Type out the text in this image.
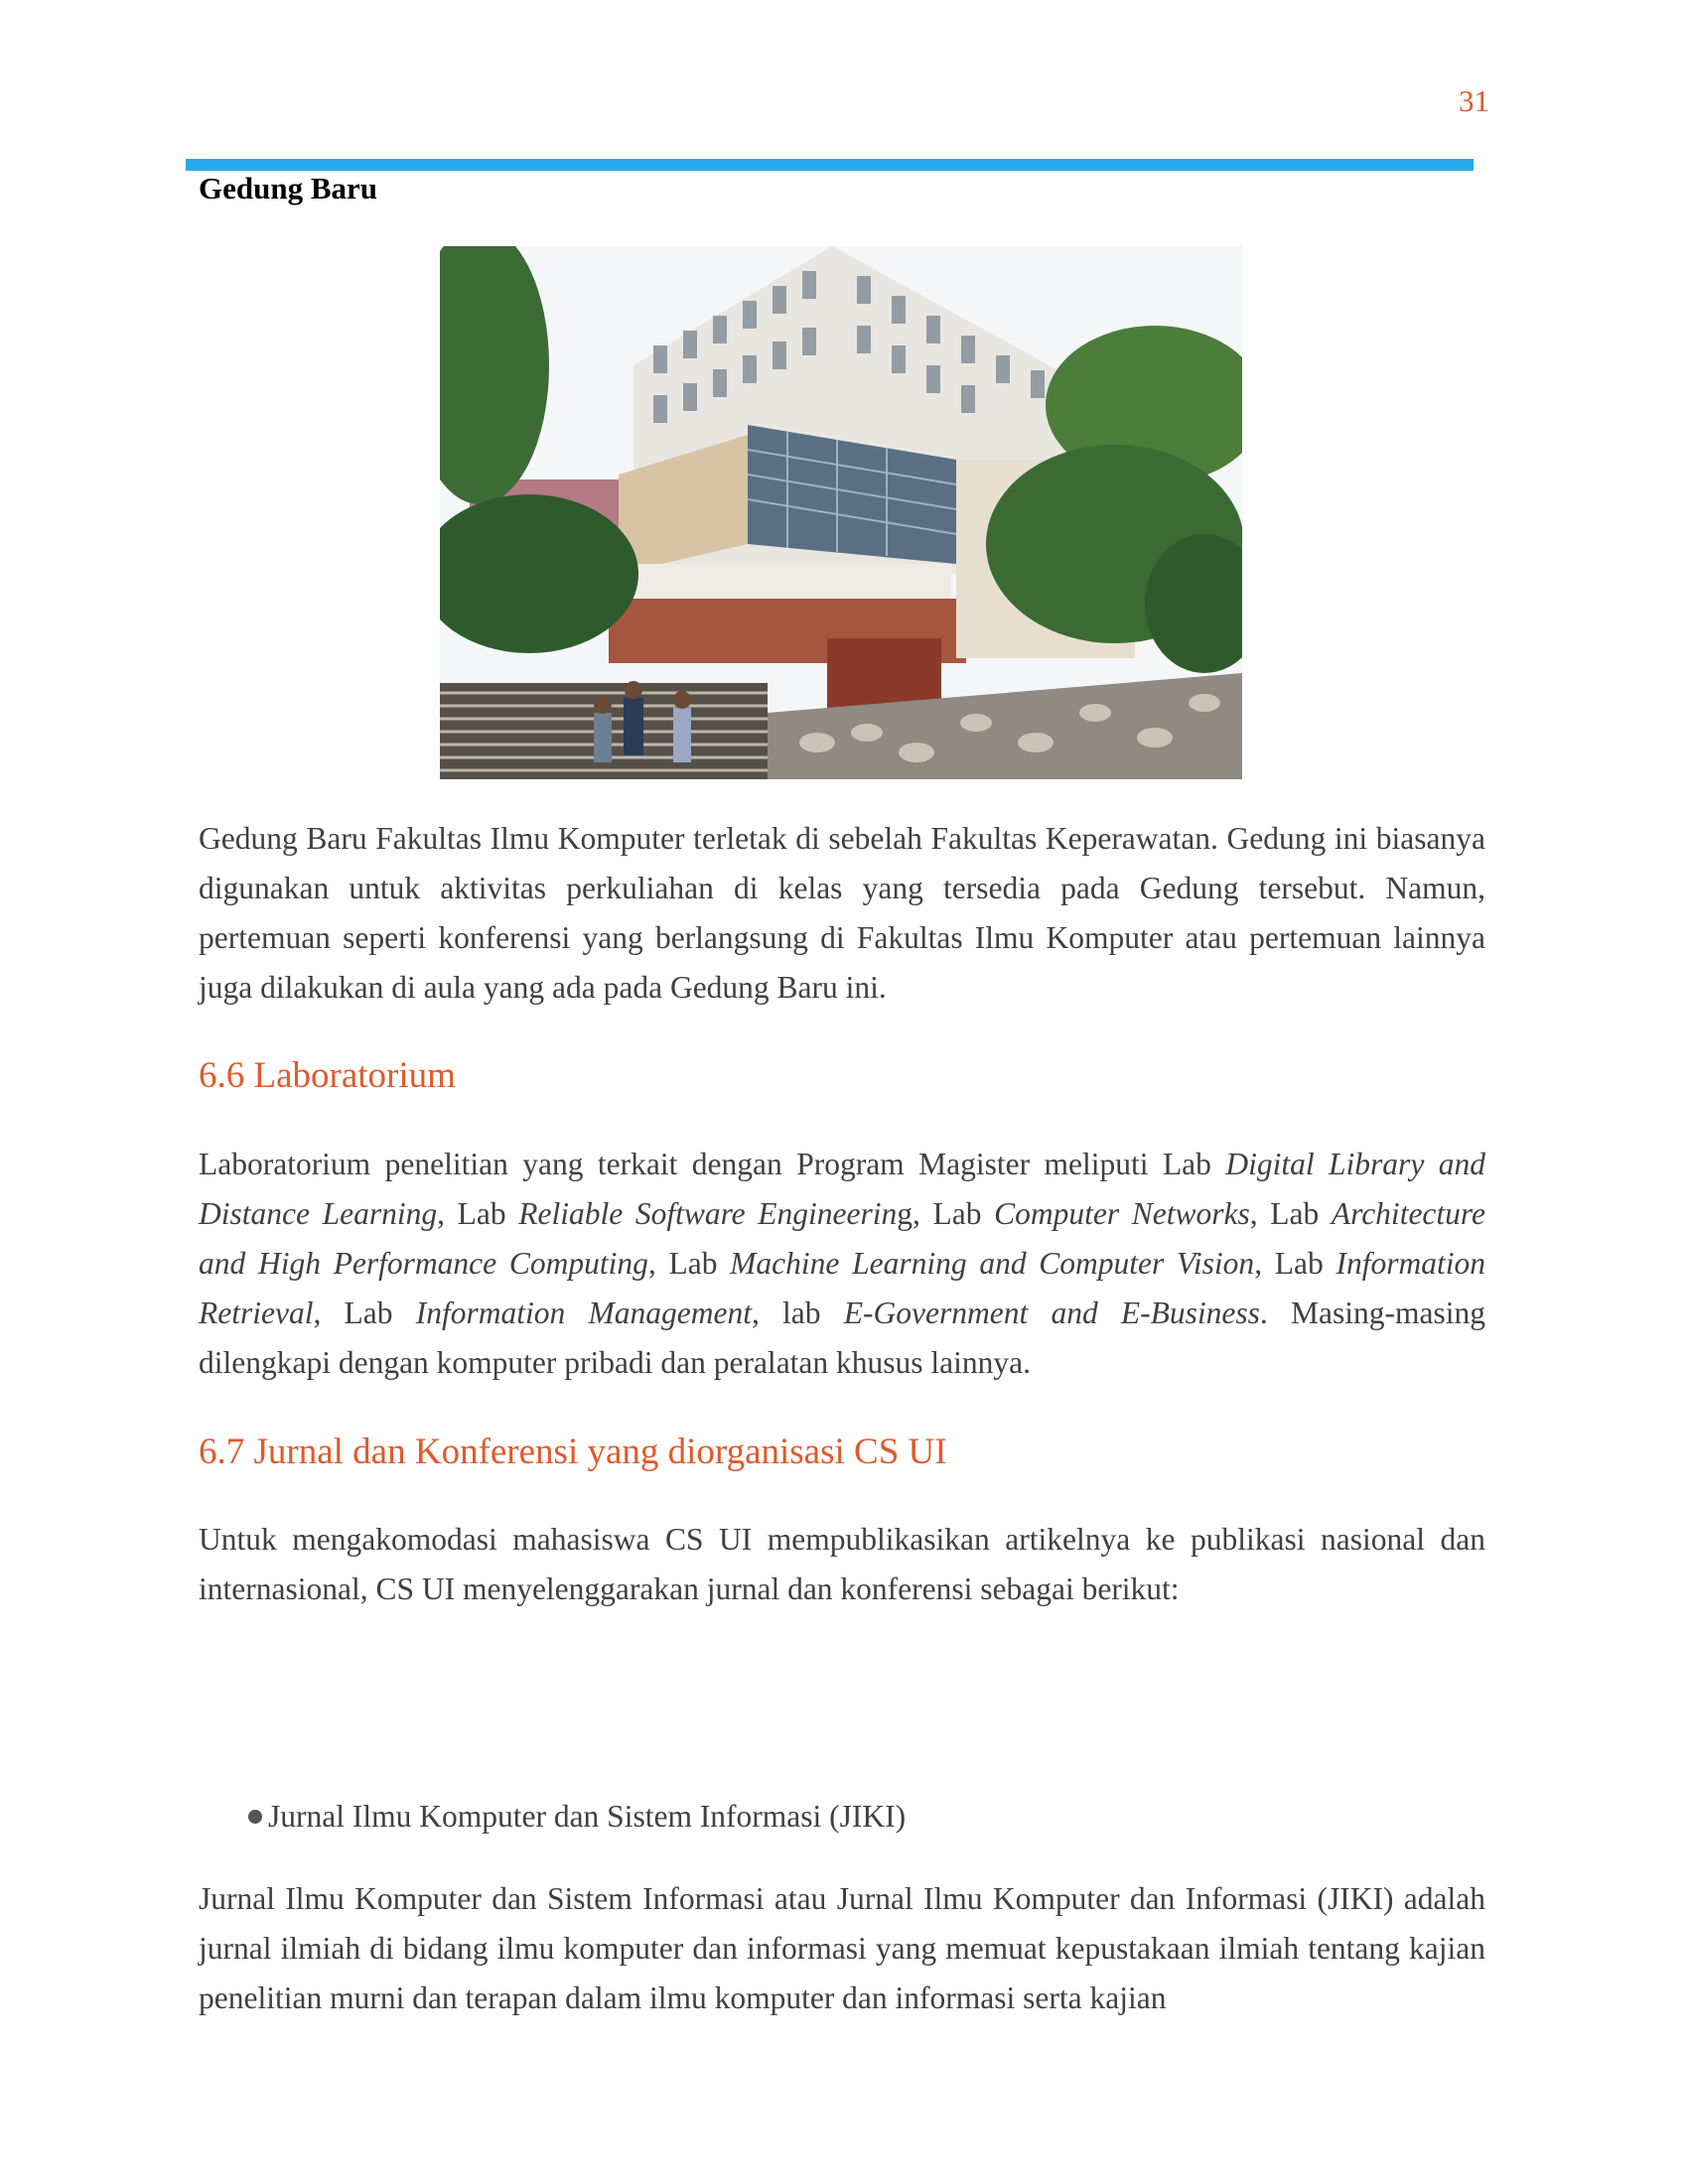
31
Gedung Baru

Gedung Baru Fakultas Ilmu Komputer terletak di sebelah Fakultas Keperawatan. Gedung ini biasanya digunakan untuk aktivitas perkuliahan di kelas yang tersedia pada Gedung tersebut. Namun, pertemuan seperti konferensi yang berlangsung di Fakultas Ilmu Komputer atau pertemuan lainnya juga dilakukan di aula yang ada pada Gedung Baru ini.

6.6 Laboratorium

Laboratorium penelitian yang terkait dengan Program Magister meliputi Lab Digital Library and Distance Learning, Lab Reliable Software Engineering, Lab Computer Networks, Lab Architecture and High Performance Computing, Lab Machine Learning and Computer Vision, Lab Information Retrieval, Lab Information Management, lab E-Government and E-Business. Masing-masing dilengkapi dengan komputer pribadi dan peralatan khusus lainnya.

6.7 Jurnal dan Konferensi yang diorganisasi CS UI

Untuk mengakomodasi mahasiswa CS UI mempublikasikan artikelnya ke publikasi nasional dan internasional, CS UI menyelenggarakan jurnal dan konferensi sebagai berikut:

Jurnal Ilmu Komputer dan Sistem Informasi (JIKI)

Jurnal Ilmu Komputer dan Sistem Informasi atau Jurnal Ilmu Komputer dan Informasi (JIKI) adalah jurnal ilmiah di bidang ilmu komputer dan informasi yang memuat kepustakaan ilmiah tentang kajian penelitian murni dan terapan dalam ilmu komputer dan informasi serta kajian
